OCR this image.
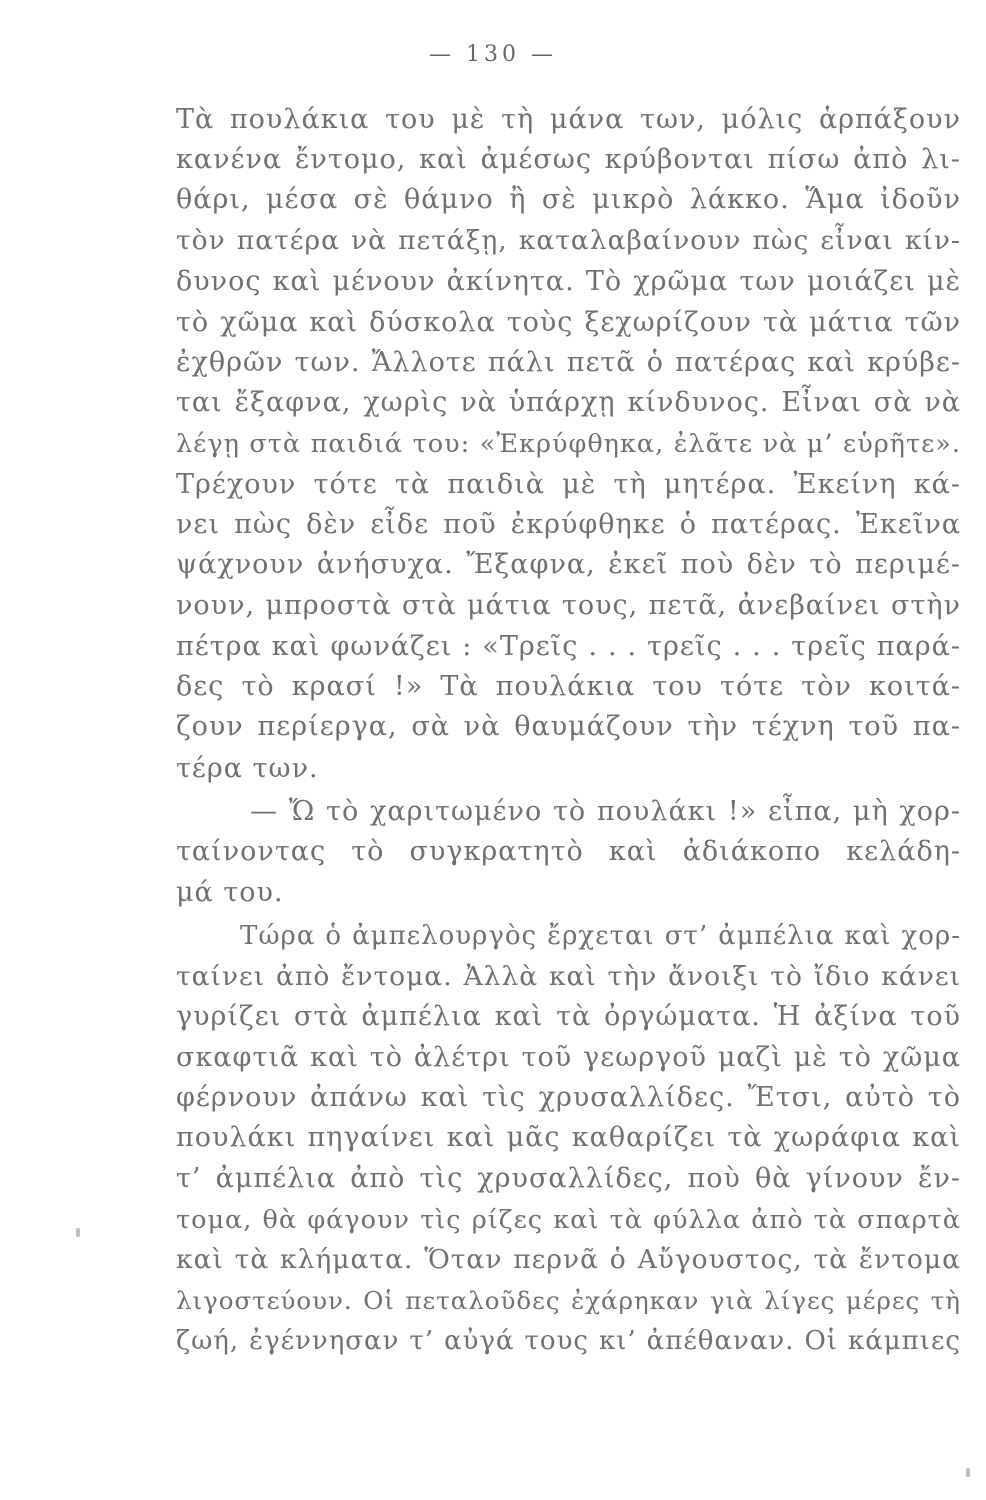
— 130 —
Τὰ πουλάκια του μὲ τὴ μάνα των, μόλις ἁρπάξουν
κανένα ἔντομο, καὶ ἀμέσως κρύβονται πίσω ἀπὸ λι-
θάρι, μέσα σὲ θάμνο ἢ σὲ μικρὸ λάκκο. Ἅμα ἰδοῦν
τὸν πατέρα νὰ πετάξῃ, καταλαβαίνουν πὼς εἶναι κίν-
δυνος καὶ μένουν ἀκίνητα. Τὸ χρῶμα των μοιάζει μὲ
τὸ χῶμα καὶ δύσκολα τοὺς ξεχωρίζουν τὰ μάτια τῶν
ἐχθρῶν των. Ἄλλοτε πάλι πετᾶ ὁ πατέρας καὶ κρύβε-
ται ἔξαφνα, χωρὶς νὰ ὑπάρχῃ κίνδυνος. Εἶναι σὰ νὰ
λέγῃ στὰ παιδιά του: «Ἐκρύφθηκα, ἐλᾶτε νὰ μ’ εὑρῆτε».
Τρέχουν τότε τὰ παιδιὰ μὲ τὴ μητέρα. Ἐκείνη κά-
νει πὼς δὲν εἶδε ποῦ ἐκρύφθηκε ὁ πατέρας. Ἐκεῖνα
ψάχνουν ἀνήσυχα. Ἔξαφνα, ἐκεῖ ποὺ δὲν τὸ περιμέ-
νουν, μπροστὰ στὰ μάτια τους, πετᾶ, ἀνεβαίνει στὴν
πέτρα καὶ φωνάζει : «Τρεῖς . . . τρεῖς . . . τρεῖς παρά-
δες τὸ κρασί !» Τὰ πουλάκια του τότε τὸν κοιτά-
ζουν περίεργα, σὰ νὰ θαυμάζουν τὴν τέχνη τοῦ πα-
τέρα των.
— Ὤ τὸ χαριτωμένο τὸ πουλάκι !» εἶπα, μὴ χορ-
ταίνοντας τὸ συγκρατητὸ καὶ ἀδιάκοπο κελάδη-
μά του.
Τώρα ὁ ἀμπελουργὸς ἔρχεται στ’ ἀμπέλια καὶ χορ-
ταίνει ἀπὸ ἔντομα. Ἀλλὰ καὶ τὴν ἄνοιξι τὸ ἴδιο κάνει
γυρίζει στὰ ἀμπέλια καὶ τὰ ὀργώματα. Ἡ ἀξίνα τοῦ
σκαφτιᾶ καὶ τὸ ἀλέτρι τοῦ γεωργοῦ μαζὶ μὲ τὸ χῶμα
φέρνουν ἀπάνω καὶ τὶς χρυσαλλίδες. Ἔτσι, αὐτὸ τὸ
πουλάκι πηγαίνει καὶ μᾶς καθαρίζει τὰ χωράφια καὶ
τ’ ἀμπέλια ἀπὸ τὶς χρυσαλλίδες, ποὺ θὰ γίνουν ἔν-
τομα, θὰ φάγουν τὶς ρίζες καὶ τὰ φύλλα ἀπὸ τὰ σπαρτὰ
καὶ τὰ κλήματα. Ὅταν περνᾶ ὁ Αὔγουστος, τὰ ἔντομα
λιγοστεύουν. Οἱ πεταλοῦδες ἐχάρηκαν γιὰ λίγες μέρες τὴ
ζωή, ἐγέννησαν τ’ αὐγά τους κι’ ἀπέθαναν. Οἱ κάμπιες
